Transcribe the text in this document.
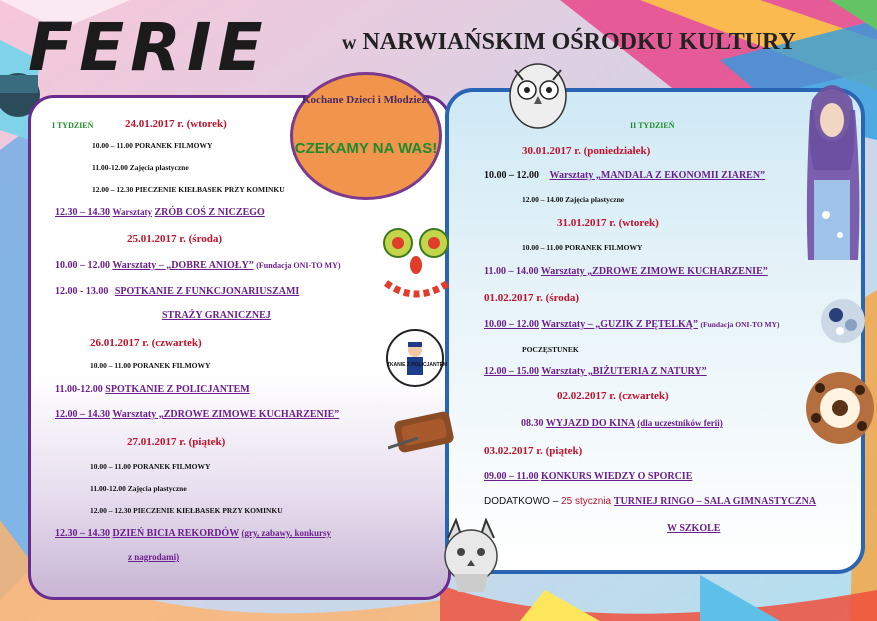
FERIE	w NARWIAŃSKIM OŚRODKU KULTURY
ZKANIE Z POLICJANTEM
Kochane Dzieci i Młodzież!
CZEKAMY NA WAS!
I TYDZIEŃ	24.01.2017 r. (wtorek)
10.00 – 11.00 PORANEK FILMOWY
11.00-12.00 Zajęcia plastyczne
12.00 – 12.30 PIECZENIE KIEŁBASEK PRZY KOMINKU
12.30 – 14.30 Warsztaty ZRÓB COŚ Z NICZEGO
25.01.2017 r. (środa)
10.00 – 12.00 Warsztaty – „DOBRE ANIOŁY” (Fundacja ONI-TO MY)
12.00 - 13.00 SPOTKANIE Z FUNKCJONARIUSZAMI
STRAŻY GRANICZNEJ
26.01.2017 r. (czwartek)
10.00 – 11.00 PORANEK FILMOWY
11.00-12.00 SPOTKANIE Z POLICJANTEM
12.00 – 14.30 Warsztaty „ZDROWE ZIMOWE KUCHARZENIE”
27.01.2017 r. (piątek)
10.00 – 11.00 PORANEK FILMOWY
11.00-12.00 Zajęcia plastyczne
12.00 – 12.30 PIECZENIE KIEŁBASEK PRZY KOMINKU
12.30 – 14.30 DZIEŃ BICIA REKORDÓW (gry, zabawy, konkursy
z nagrodami)
II TYDZIEŃ
30.01.2017 r. (poniedziałek)
10.00 – 12.00 Warsztaty „MANDALA Z EKONOMII ZIAREN”
12.00 – 14.00 Zajęcia plastyczne
31.01.2017 r. (wtorek)
10.00 – 11.00 PORANEK FILMOWY
11.00 – 14.00 Warsztaty „ZDROWE ZIMOWE KUCHARZENIE”
01.02.2017 r. (środa)
10.00 – 12.00 Warsztaty – „GUZIK Z PĘTELKĄ” (Fundacja ONI-TO MY)
POCZĘSTUNEK
12.00 – 15.00 Warsztaty „BIŻUTERIA Z NATURY”
02.02.2017 r. (czwartek)
08.30 WYJAZD DO KINA (dla uczestników ferii)
03.02.2017 r. (piątek)
09.00 – 11.00 KONKURS WIEDZY O SPORCIE
DODATKOWO – 25 stycznia TURNIEJ RINGO – SALA GIMNASTYCZNA
W SZKOLE
